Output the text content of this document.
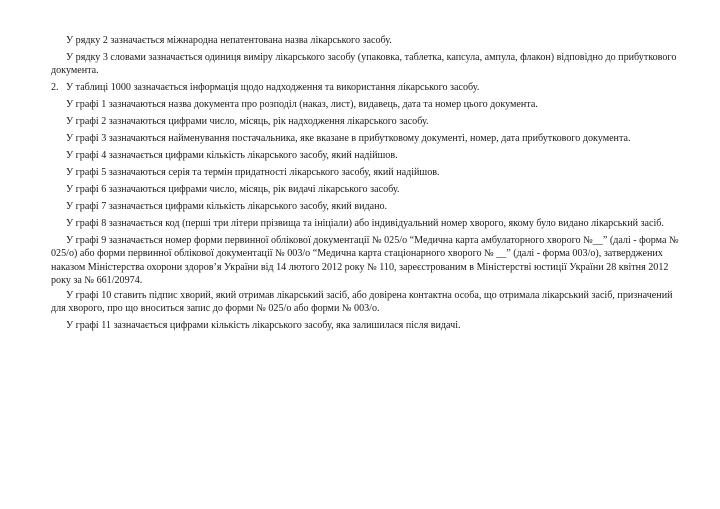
У рядку 2 зазначається міжнародна непатентована назва лікарського засобу.

У рядку 3 словами зазначається одиниця виміру лікарського засобу (упаковка, таблетка, капсула, ампула, флакон) відповідно до прибуткового документа.

2. У таблиці 1000 зазначається інформація щодо надходження та використання лікарського засобу.

У графі 1 зазначаються назва документа про розподіл (наказ, лист), видавець, дата та номер цього документа.

У графі 2 зазначаються цифрами число, місяць, рік надходження лікарського засобу.

У графі 3 зазначаються найменування постачальника, яке вказане в прибутковому документі, номер, дата прибуткового документа.

У графі 4 зазначається цифрами кількість лікарського засобу, який надійшов.

У графі 5 зазначаються серія та термін придатності лікарського засобу, який надійшов.

У графі 6 зазначаються цифрами число, місяць, рік видачі лікарського засобу.

У графі 7 зазначається цифрами кількість лікарського засобу, який видано.

У графі 8 зазначається код (перші три літери прізвища та ініціали) або індивідуальний номер хворого, якому було видано лікарський засіб.

У графі 9 зазначається номер форми первинної облікової документації № 025/о “Медична карта амбулаторного хворого №__” (далі - форма № 025/о) або форми первинної облікової документації № 003/о “Медична карта стаціонарного хворого № __” (далі - форма 003/о), затверджених наказом Міністерства охорони здоров’я України від 14 лютого 2012 року № 110, зареєстрованим в Міністерстві юстиції України 28 квітня 2012 року за № 661/20974.

У графі 10 ставить підпис хворий, який отримав лікарський засіб, або довірена контактна особа, що отримала лікарський засіб, призначений для хворого, про що вноситься запис до форми № 025/о або форми № 003/о.

У графі 11 зазначається цифрами кількість лікарського засобу, яка залишилася після видачі.
